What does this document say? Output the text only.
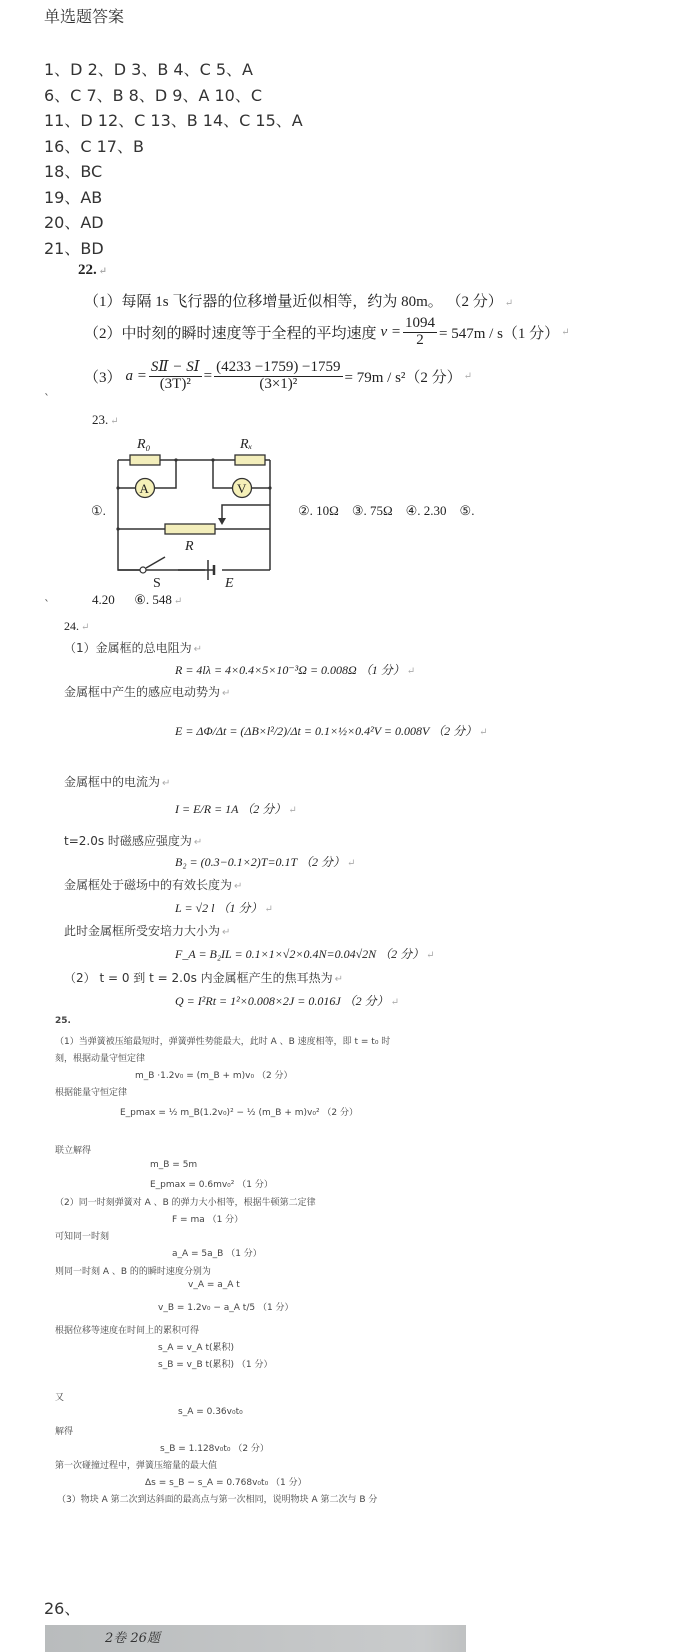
单选题答案
1、D 2、D 3、B 4、C 5、A
6、C 7、B 8、D 9、A 10、C
11、D 12、C 13、B 14、C 15、A
16、C 17、B
18、BC
19、AB
20、AD
21、BD
22. ↵
（1）每隔 1s 飞行器的位移增量近似相等，约为 80m。 （2 分） ↵
（2）中时刻的瞬时速度等于全程的平均速度 $v = \frac{1094}{2} = 547m / s(1$ 分） ↵
（3） $a = \frac{\text{SⅡ − SⅠ}}{\text{(3T)²}} = \frac{(4233 -1759) -1759}{\text{(3×1)²}} = 79m / s^2(2$ 分） ↵
ˋ
23. ↵
①.
R₀	Rₓ
R
E
A	V
S
②. 10Ω    ③. 75Ω    ④. 2.30    ⑤.
ˋ	4.20      ⑥. 548 ↵
24. ↵
（1）金属框的总电阻为 ↵
R = 4lλ = 4×0.4×5×10⁻³Ω = 0.008Ω （1 分） ↵
金属框中产生的感应电动势为 ↵
E = ΔΦ/Δt = (ΔB×l²/2)/Δt = 0.1×½×0.4²V = 0.008V （2 分） ↵
金属框中的电流为 ↵
I = E/R = 1A （2 分） ↵
t=2.0s 时磁感应强度为 ↵
B₂ = (0.3−0.1×2)T=0.1T （2 分） ↵
金属框处于磁场中的有效长度为 ↵
L = √2 l （1 分） ↵
此时金属框所受安培力大小为 ↵
F_A = B₂IL = 0.1×1×√2×0.4N=0.04√2N （2 分） ↵
（2） t = 0 到 t = 2.0s 内金属框产生的焦耳热为 ↵
Q = I²Rt = 1²×0.008×2J = 0.016J （2 分） ↵
25.
（1）当弹簧被压缩最短时，弹簧弹性势能最大，此时 A 、B 速度相等，即 t = t₀ 时
刻，根据动量守恒定律
m_B ·1.2v₀ = (m_B + m)v₀ （2 分）
根据能量守恒定律
E_pmax = ½ m_B(1.2v₀)² − ½ (m_B + m)v₀² （2 分）
联立解得
m_B = 5m
E_pmax = 0.6mv₀² （1 分）
（2）同一时刻弹簧对 A 、B 的弹力大小相等，根据牛顿第二定律
F = ma （1 分）
可知同一时刻
a_A = 5a_B （1 分）
则同一时刻 A 、B 的的瞬时速度分别为
v_A = a_A t
v_B = 1.2v₀ − a_A t/5 （1 分）
根据位移等速度在时间上的累积可得
s_A = v_A t(累积)
s_B = v_B t(累积) （1 分）
又
s_A = 0.36v₀t₀
解得
s_B = 1.128v₀t₀ （2 分）
第一次碰撞过程中，弹簧压缩量的最大值
Δs = s_B − s_A = 0.768v₀t₀ （1 分）
（3）物块 A 第二次到达斜面的最高点与第一次相同，说明物块 A 第二次与 B 分
26、
2卷 26题
